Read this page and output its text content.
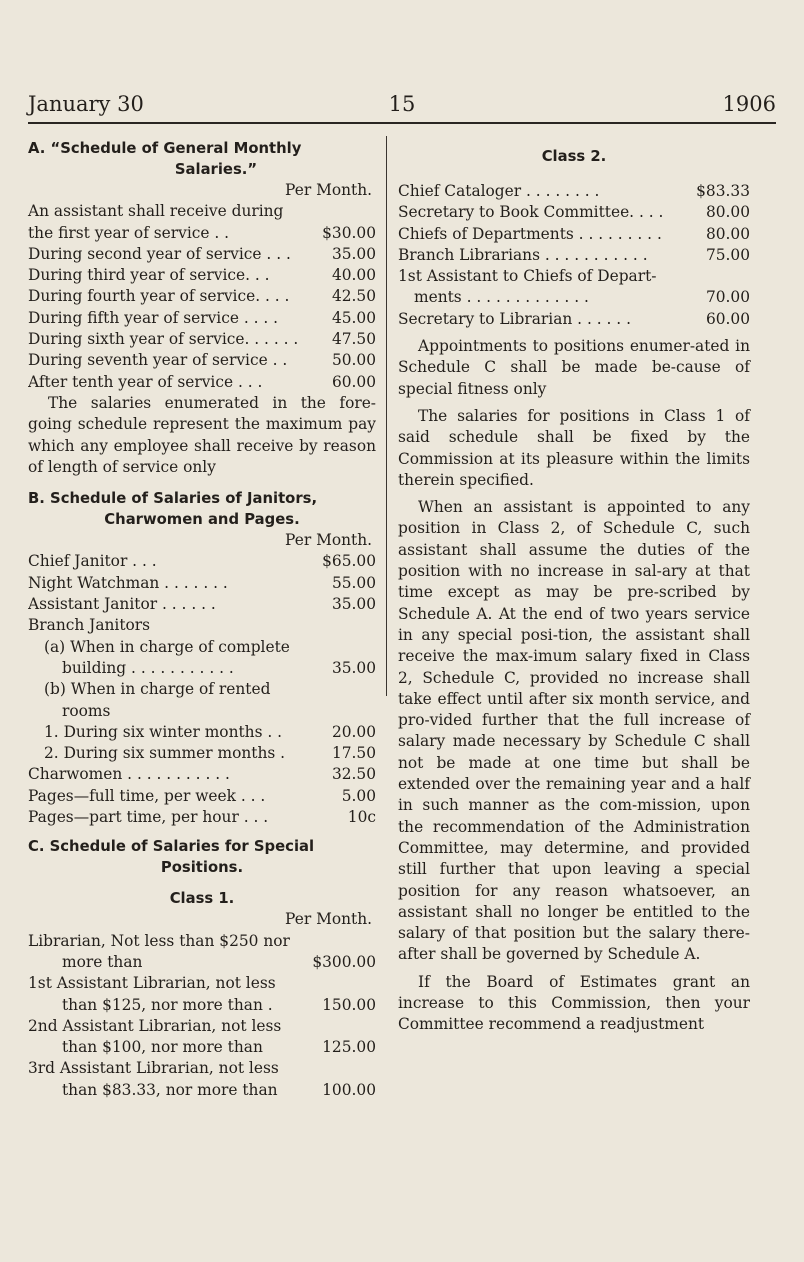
January 30	15	1906
A. “Schedule of General Monthly
Salaries.”
Per Month.

An assistant shall receive during

the first year of service . .	$30.00
During second year of service . . .	35.00
During third year of service. . .	40.00
During fourth year of service. . . .	42.50
During fifth year of service . . . .	45.00
During sixth year of service. . . . . . 47.50
During seventh year of service . .	50.00
After tenth year of service . . .	60.00

The salaries enumerated in the fore-going schedule represent the maximum pay which any employee shall receive by reason of length of service only

B. Schedule of Salaries of Janitors,
Charwomen and Pages.
Per Month.
Chief Janitor . . .	$65.00
Night Watchman . . . . . . .	55.00
Assistant Janitor . . . . . .	35.00

Branch Janitors

(a) When in charge of complete

building . . . . . . . . . . .	35.00

(b) When in charge of rented

rooms

1. During six winter months . .	20.00
2. During six summer months .	17.50
Charwomen . . . . . . . . . . .	32.50
Pages—full time, per week . . .	5.00
Pages—part time, per hour . . .	10c
C. Schedule of Salaries for Special
Positions.
Class 1.
Per Month.

Librarian, Not less than $250 nor

more than	$300.00

1st Assistant Librarian, not less

than $125, nor more than .	150.00

2nd Assistant Librarian, not less

than $100, nor more than	125.00

3rd Assistant Librarian, not less

than $83.33, nor more than	100.00
Class 2.
Chief Cataloger . . . . . . . .	$83.33
Secretary to Book Committee. . . .	80.00
Chiefs of Departments . . . . . . . . .	80.00
Branch Librarians . . . . . . . . . . .	75.00

1st Assistant to Chiefs of Depart-

ments . . . . . . . . . . . . .	70.00
Secretary to Librarian . . . . . .	60.00

Appointments to positions enumer-ated in Schedule C shall be made be-cause of special fitness only

The salaries for positions in Class 1 of said schedule shall be fixed by the Commission at its pleasure within the limits therein specified.

When an assistant is appointed to any position in Class 2, of Schedule C, such assistant shall assume the duties of the position with no increase in sal-ary at that time except as may be pre-scribed by Schedule A. At the end of two years service in any special posi-tion, the assistant shall receive the max-imum salary fixed in Class 2, Schedule C, provided no increase shall take effect until after six month service, and pro-vided further that the full increase of salary made necessary by Schedule C shall not be made at one time but shall be extended over the remaining year and a half in such manner as the com-mission, upon the recommendation of the Administration Committee, may determine, and provided still further that upon leaving a special position for any reason whatsoever, an assistant shall no longer be entitled to the salary of that position but the salary there-after shall be governed by Schedule A.

If the Board of Estimates grant an increase to this Commission, then your Committee recommend a readjustment
